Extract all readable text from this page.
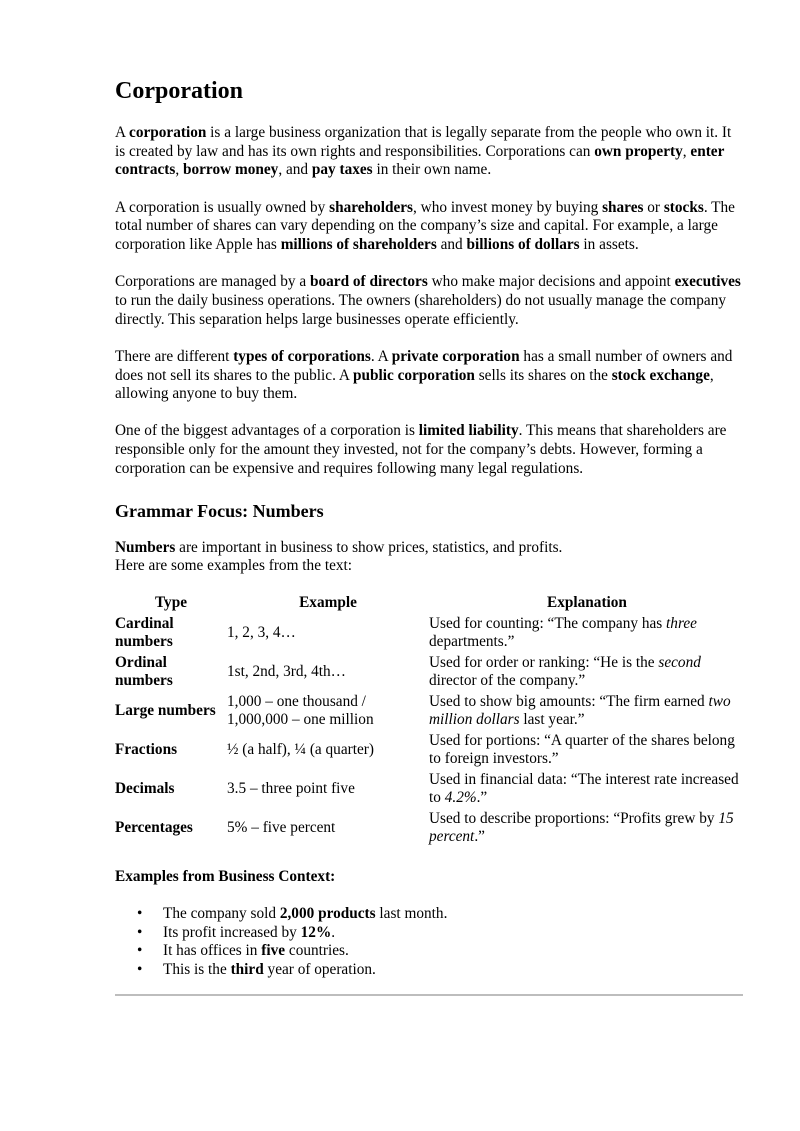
Corporation

A corporation is a large business organization that is legally separate from the people who own it. It is created by law and has its own rights and responsibilities. Corporations can own property, enter contracts, borrow money, and pay taxes in their own name.

A corporation is usually owned by shareholders, who invest money by buying shares or stocks. The total number of shares can vary depending on the company’s size and capital. For example, a large corporation like Apple has millions of shareholders and billions of dollars in assets.

Corporations are managed by a board of directors who make major decisions and appoint executives to run the daily business operations. The owners (shareholders) do not usually manage the company directly. This separation helps large businesses operate efficiently.

There are different types of corporations. A private corporation has a small number of owners and does not sell its shares to the public. A public corporation sells its shares on the stock exchange, allowing anyone to buy them.

One of the biggest advantages of a corporation is limited liability. This means that shareholders are responsible only for the amount they invested, not for the company’s debts. However, forming a corporation can be expensive and requires following many legal regulations.

Grammar Focus: Numbers

Numbers are important in business to show prices, statistics, and profits.
Here are some examples from the text:

Type	Example	Explanation
Cardinal
numbers	1, 2, 3, 4…	Used for counting: “The company has three departments.”
Ordinal
numbers	1st, 2nd, 3rd, 4th…	Used for order or ranking: “He is the second director of the company.”
Large numbers	1,000 – one thousand /
1,000,000 – one million	Used to show big amounts: “The firm earned two million dollars last year.”
Fractions	½ (a half), ¼ (a quarter)	Used for portions: “A quarter of the shares belong to foreign investors.”
Decimals	3.5 – three point five	Used in financial data: “The interest rate increased to 4.2%.”
Percentages	5% – five percent	Used to describe proportions: “Profits grew by 15 percent.”
Examples from Business Context:
• The company sold 2,000 products last month.
• Its profit increased by 12%.
• It has offices in five countries.
• This is the third year of operation.
